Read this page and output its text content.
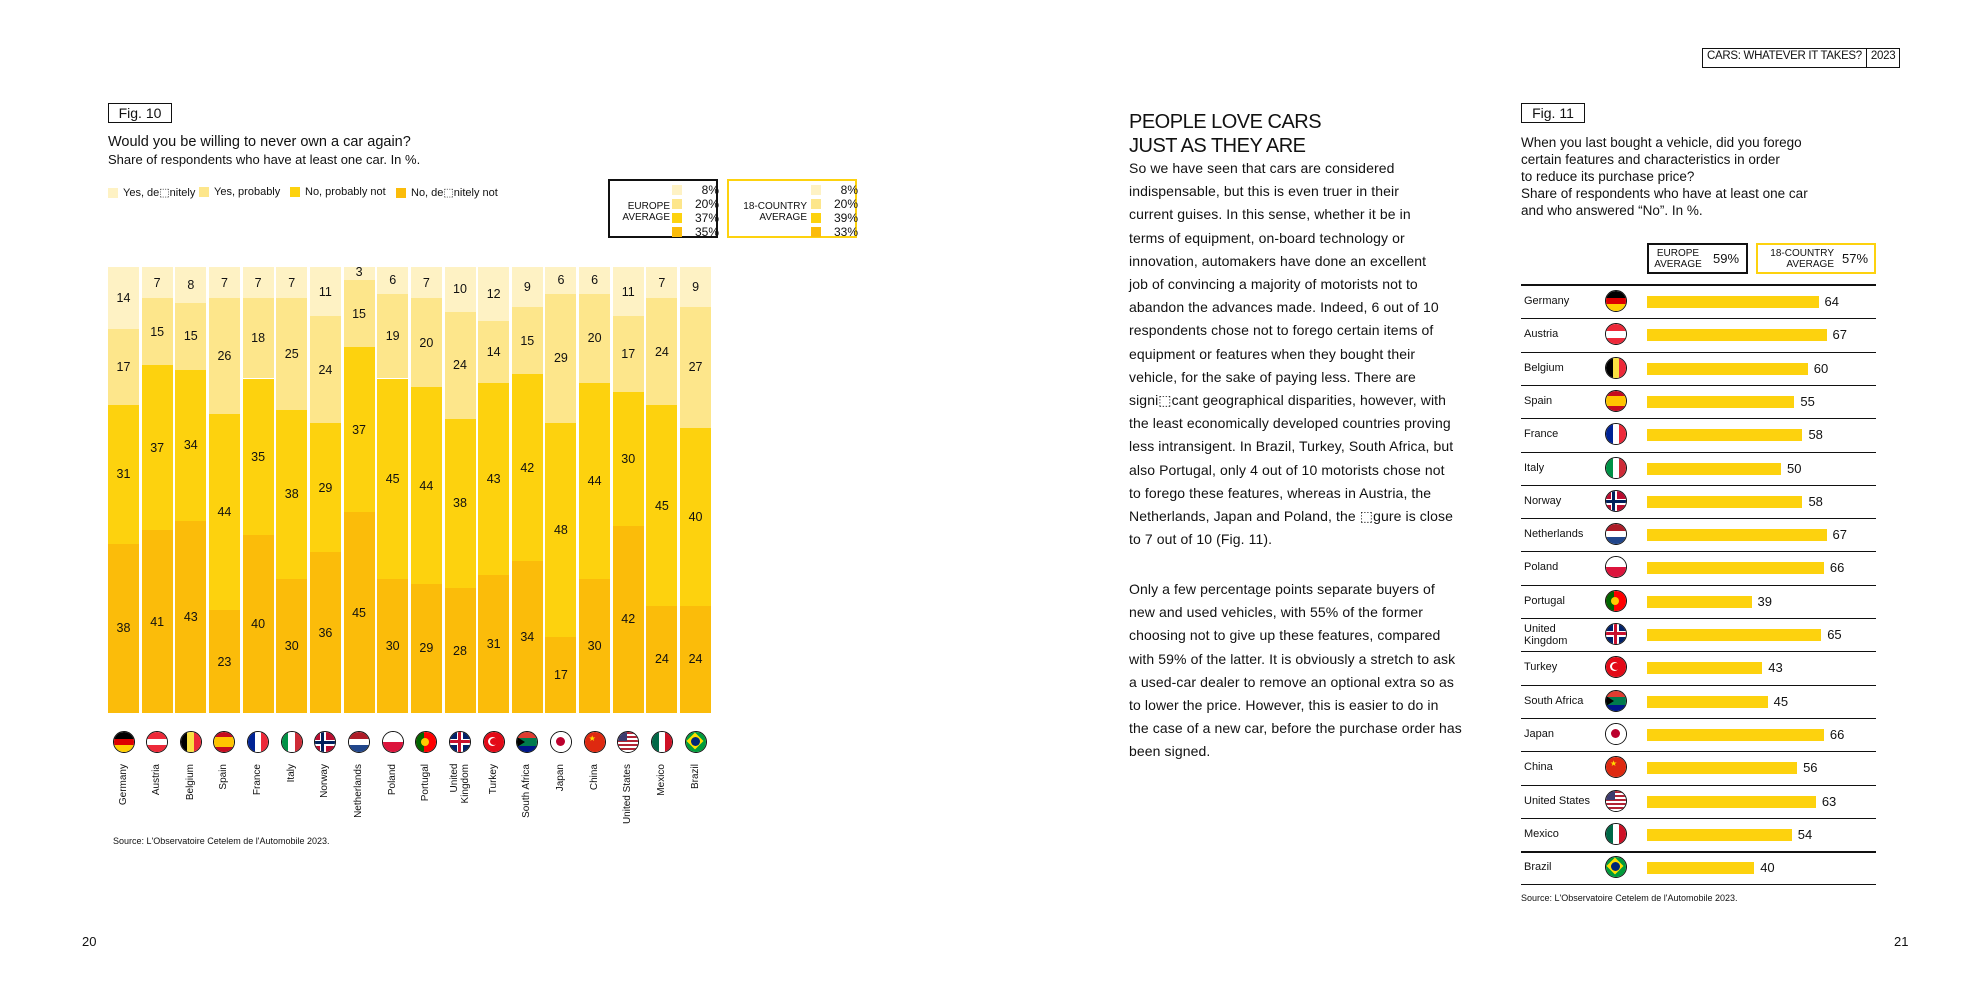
CARS: WHATEVER IT TAKES? 2023
Fig. 10
Would you be willing to never own a car again?
Share of respondents who have at least one car. In %.
Yes, de⬚nitely Yes, probably No, probably not No, de⬚nitely not
EUROPE
AVERAGE
8%
20%
37%
35%
18-COUNTRY
AVERAGE
8%
20%
39%
33%
38
31
17
14
Germany
41
37
15
7
Austria
43
34
15
8
Belgium
23
44
26
7
Spain
40
35
18
7
France
30
38
25
7
Italy
36
29
24
11
Norway
45
37
15
3
Netherlands
30
45
19
6
Poland
29
44
20
7
Portugal
28
38
24
10
United
Kingdom
31
43
14
12
Turkey
34
42
15
9
South Africa
17
48
29
6
Japan
30
44
20
6
★
China
42
30
17
11
United States
24
45
24
7
Mexico
24
40
27
9
Brazil
Source: L'Observatoire Cetelem de l'Automobile 2023.
PEOPLE LOVE CARS
JUST AS THEY ARE
So we have seen that cars are considered
indispensable, but this is even truer in their
current guises. In this sense, whether it be in
terms of equipment, on-board technology or
innovation, automakers have done an excellent
job of convincing a majority of motorists not to
abandon the advances made. Indeed, 6 out of 10
respondents chose not to forego certain items of
equipment or features when they bought their
vehicle, for the sake of paying less. There are
signi⬚cant geographical disparities, however, with
the least economically developed countries proving
less intransigent. In Brazil, Turkey, South Africa, but
also Portugal, only 4 out of 10 motorists chose not
to forego these features, whereas in Austria, the
Netherlands, Japan and Poland, the ⬚gure is close
to 7 out of 10 (Fig. 11).
Only a few percentage points separate buyers of
new and used vehicles, with 55% of the former
choosing not to give up these features, compared
with 59% of the latter. It is obviously a stretch to ask
a used-car dealer to remove an optional extra so as
to lower the price. However, this is easier to do in
the case of a new car, before the purchase order has
been signed.
Fig. 11
When you last bought a vehicle, did you forego
certain features and characteristics in order
to reduce its purchase price?
Share of respondents who have at least one car
and who answered “No”. In %.
EUROPE
AVERAGE 59%	18-COUNTRY
AVERAGE 57%
Germany	64
Austria	67
Belgium	60
Spain	55
France	58
Italy	50
Norway	58
Netherlands	67
Poland	66
Portugal	39
United
Kingdom	65
Turkey	43
South Africa	45
Japan	66
China	★	56
United States	63
Mexico	54
Brazil	40
Source: L'Observatoire Cetelem de l'Automobile 2023.
20	21
